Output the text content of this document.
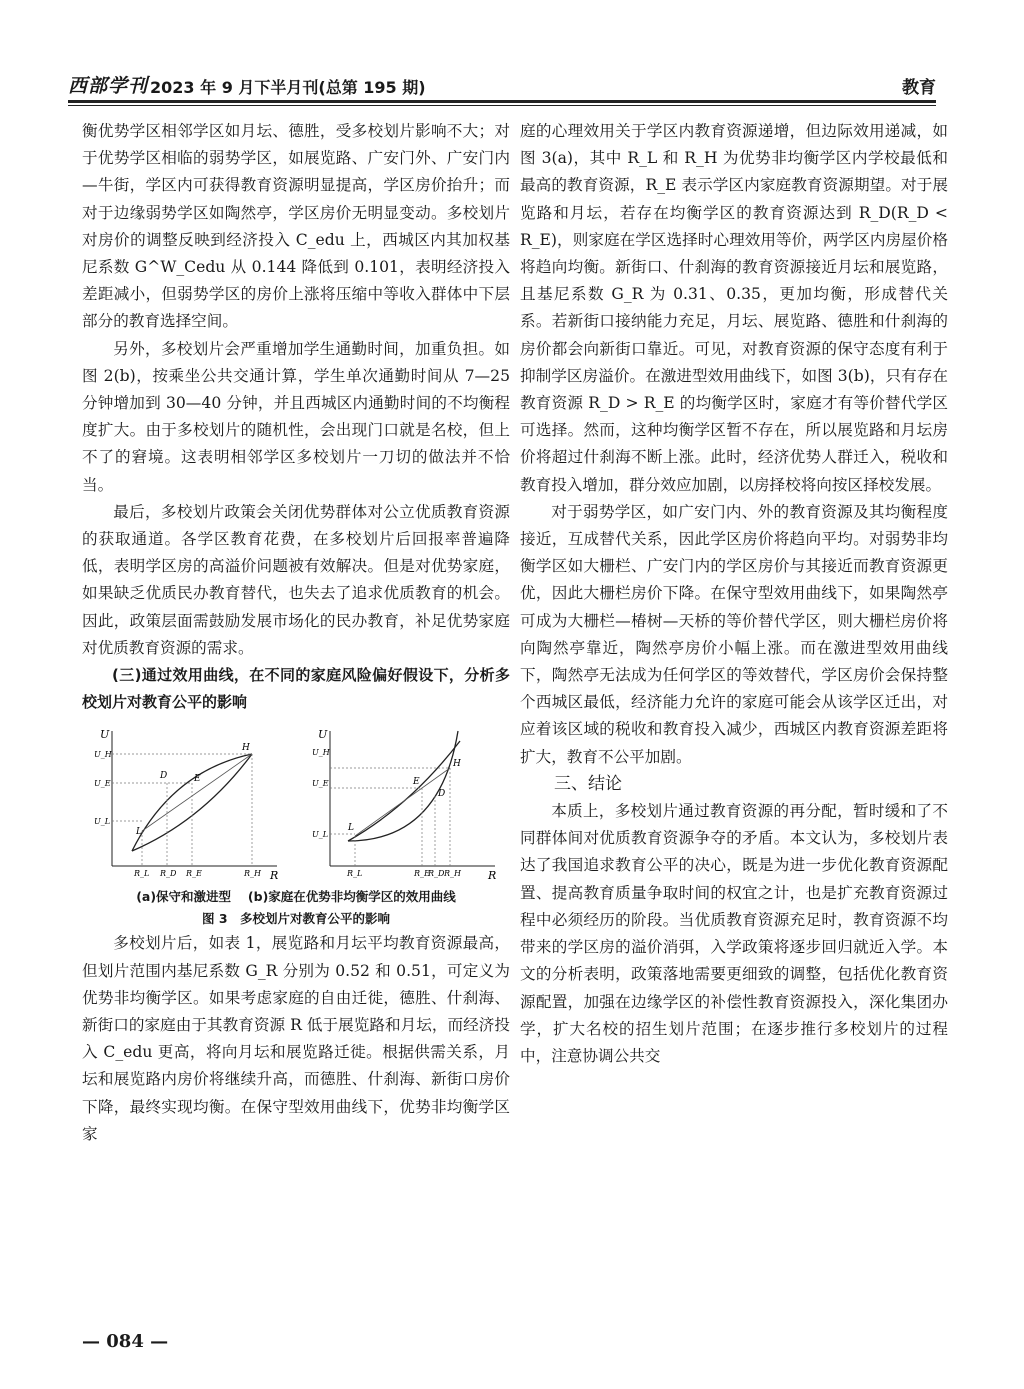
西部学刊 2023 年 9 月下半月刊(总第 195 期)	教育

衡优势学区相邻学区如月坛、德胜，受多校划片影响不大；对于优势学区相临的弱势学区，如展览路、广安门外、广安门内—牛街，学区内可获得教育资源明显提高，学区房价抬升；而对于边缘弱势学区如陶然亭，学区房价无明显变动。多校划片对房价的调整反映到经济投入 C_edu 上，西城区内其加权基尼系数 G^W_Cedu 从 0.144 降低到 0.101，表明经济投入差距减小，但弱势学区的房价上涨将压缩中等收入群体中下层部分的教育选择空间。

另外，多校划片会严重增加学生通勤时间，加重负担。如图 2(b)，按乘坐公共交通计算，学生单次通勤时间从 7—25 分钟增加到 30—40 分钟，并且西城区内通勤时间的不均衡程度扩大。由于多校划片的随机性，会出现门口就是名校，但上不了的窘境。这表明相邻学区多校划片一刀切的做法并不恰当。

最后，多校划片政策会关闭优势群体对公立优质教育资源的获取通道。各学区教育花费，在多校划片后回报率普遍降低，表明学区房的高溢价问题被有效解决。但是对优势家庭，如果缺乏优质民办教育替代，也失去了追求优质教育的机会。因此，政策层面需鼓励发展市场化的民办教育，补足优势家庭对优质教育资源的需求。

(三)通过效用曲线，在不同的家庭风险偏好假设下，分析多校划片对教育公平的影响

U
R
U_H
U_E
U_L
R_L R_D R_E	R_H
L
D	E
H
U
R
U_H
U_E
U_L
R_L	R_E
R_D R_H
L
E
D
H
(a)保守和激进型　 (b)家庭在优势非均衡学区的效用曲线
图 3　多校划片对教育公平的影响

多校划片后，如表 1，展览路和月坛平均教育资源最高，但划片范围内基尼系数 G_R 分别为 0.52 和 0.51，可定义为优势非均衡学区。如果考虑家庭的自由迁徙，德胜、什刹海、新街口的家庭由于其教育资源 R 低于展览路和月坛，而经济投入 C_edu 更高，将向月坛和展览路迁徙。根据供需关系，月坛和展览路内房价将继续升高，而德胜、什刹海、新街口房价下降，最终实现均衡。在保守型效用曲线下，优势非均衡学区家

庭的心理效用关于学区内教育资源递增，但边际效用递减，如图 3(a)，其中 R_L 和 R_H 为优势非均衡学区内学校最低和最高的教育资源，R_E 表示学区内家庭教育资源期望。对于展览路和月坛，若存在均衡学区的教育资源达到 R_D(R_D < R_E)，则家庭在学区选择时心理效用等价，两学区内房屋价格将趋向均衡。新街口、什刹海的教育资源接近月坛和展览路，且基尼系数 G_R 为 0.31、0.35，更加均衡，形成替代关系。若新街口接纳能力充足，月坛、展览路、德胜和什刹海的房价都会向新街口靠近。可见，对教育资源的保守态度有利于抑制学区房溢价。在激进型效用曲线下，如图 3(b)，只有存在教育资源 R_D > R_E 的均衡学区时，家庭才有等价替代学区可选择。然而，这种均衡学区暂不存在，所以展览路和月坛房价将超过什刹海不断上涨。此时，经济优势人群迁入，税收和教育投入增加，群分效应加剧，以房择校将向按区择校发展。

对于弱势学区，如广安门内、外的教育资源及其均衡程度接近，互成替代关系，因此学区房价将趋向平均。对弱势非均衡学区如大栅栏、广安门内的学区房价与其接近而教育资源更优，因此大栅栏房价下降。在保守型效用曲线下，如果陶然亭可成为大栅栏—椿树—天桥的等价替代学区，则大栅栏房价将向陶然亭靠近，陶然亭房价小幅上涨。而在激进型效用曲线下，陶然亭无法成为任何学区的等效替代，学区房价会保持整个西城区最低，经济能力允许的家庭可能会从该学区迁出，对应着该区域的税收和教育投入减少，西城区内教育资源差距将扩大，教育不公平加剧。

三、结论

本质上，多校划片通过教育资源的再分配，暂时缓和了不同群体间对优质教育资源争夺的矛盾。本文认为，多校划片表达了我国追求教育公平的决心，既是为进一步优化教育资源配置、提高教育质量争取时间的权宜之计，也是扩充教育资源过程中必须经历的阶段。当优质教育资源充足时，教育资源不均带来的学区房的溢价消弭，入学政策将逐步回归就近入学。本文的分析表明，政策落地需要更细致的调整，包括优化教育资源配置，加强在边缘学区的补偿性教育资源投入，深化集团办学，扩大名校的招生划片范围；在逐步推行多校划片的过程中，注意协调公共交

— 084 —
